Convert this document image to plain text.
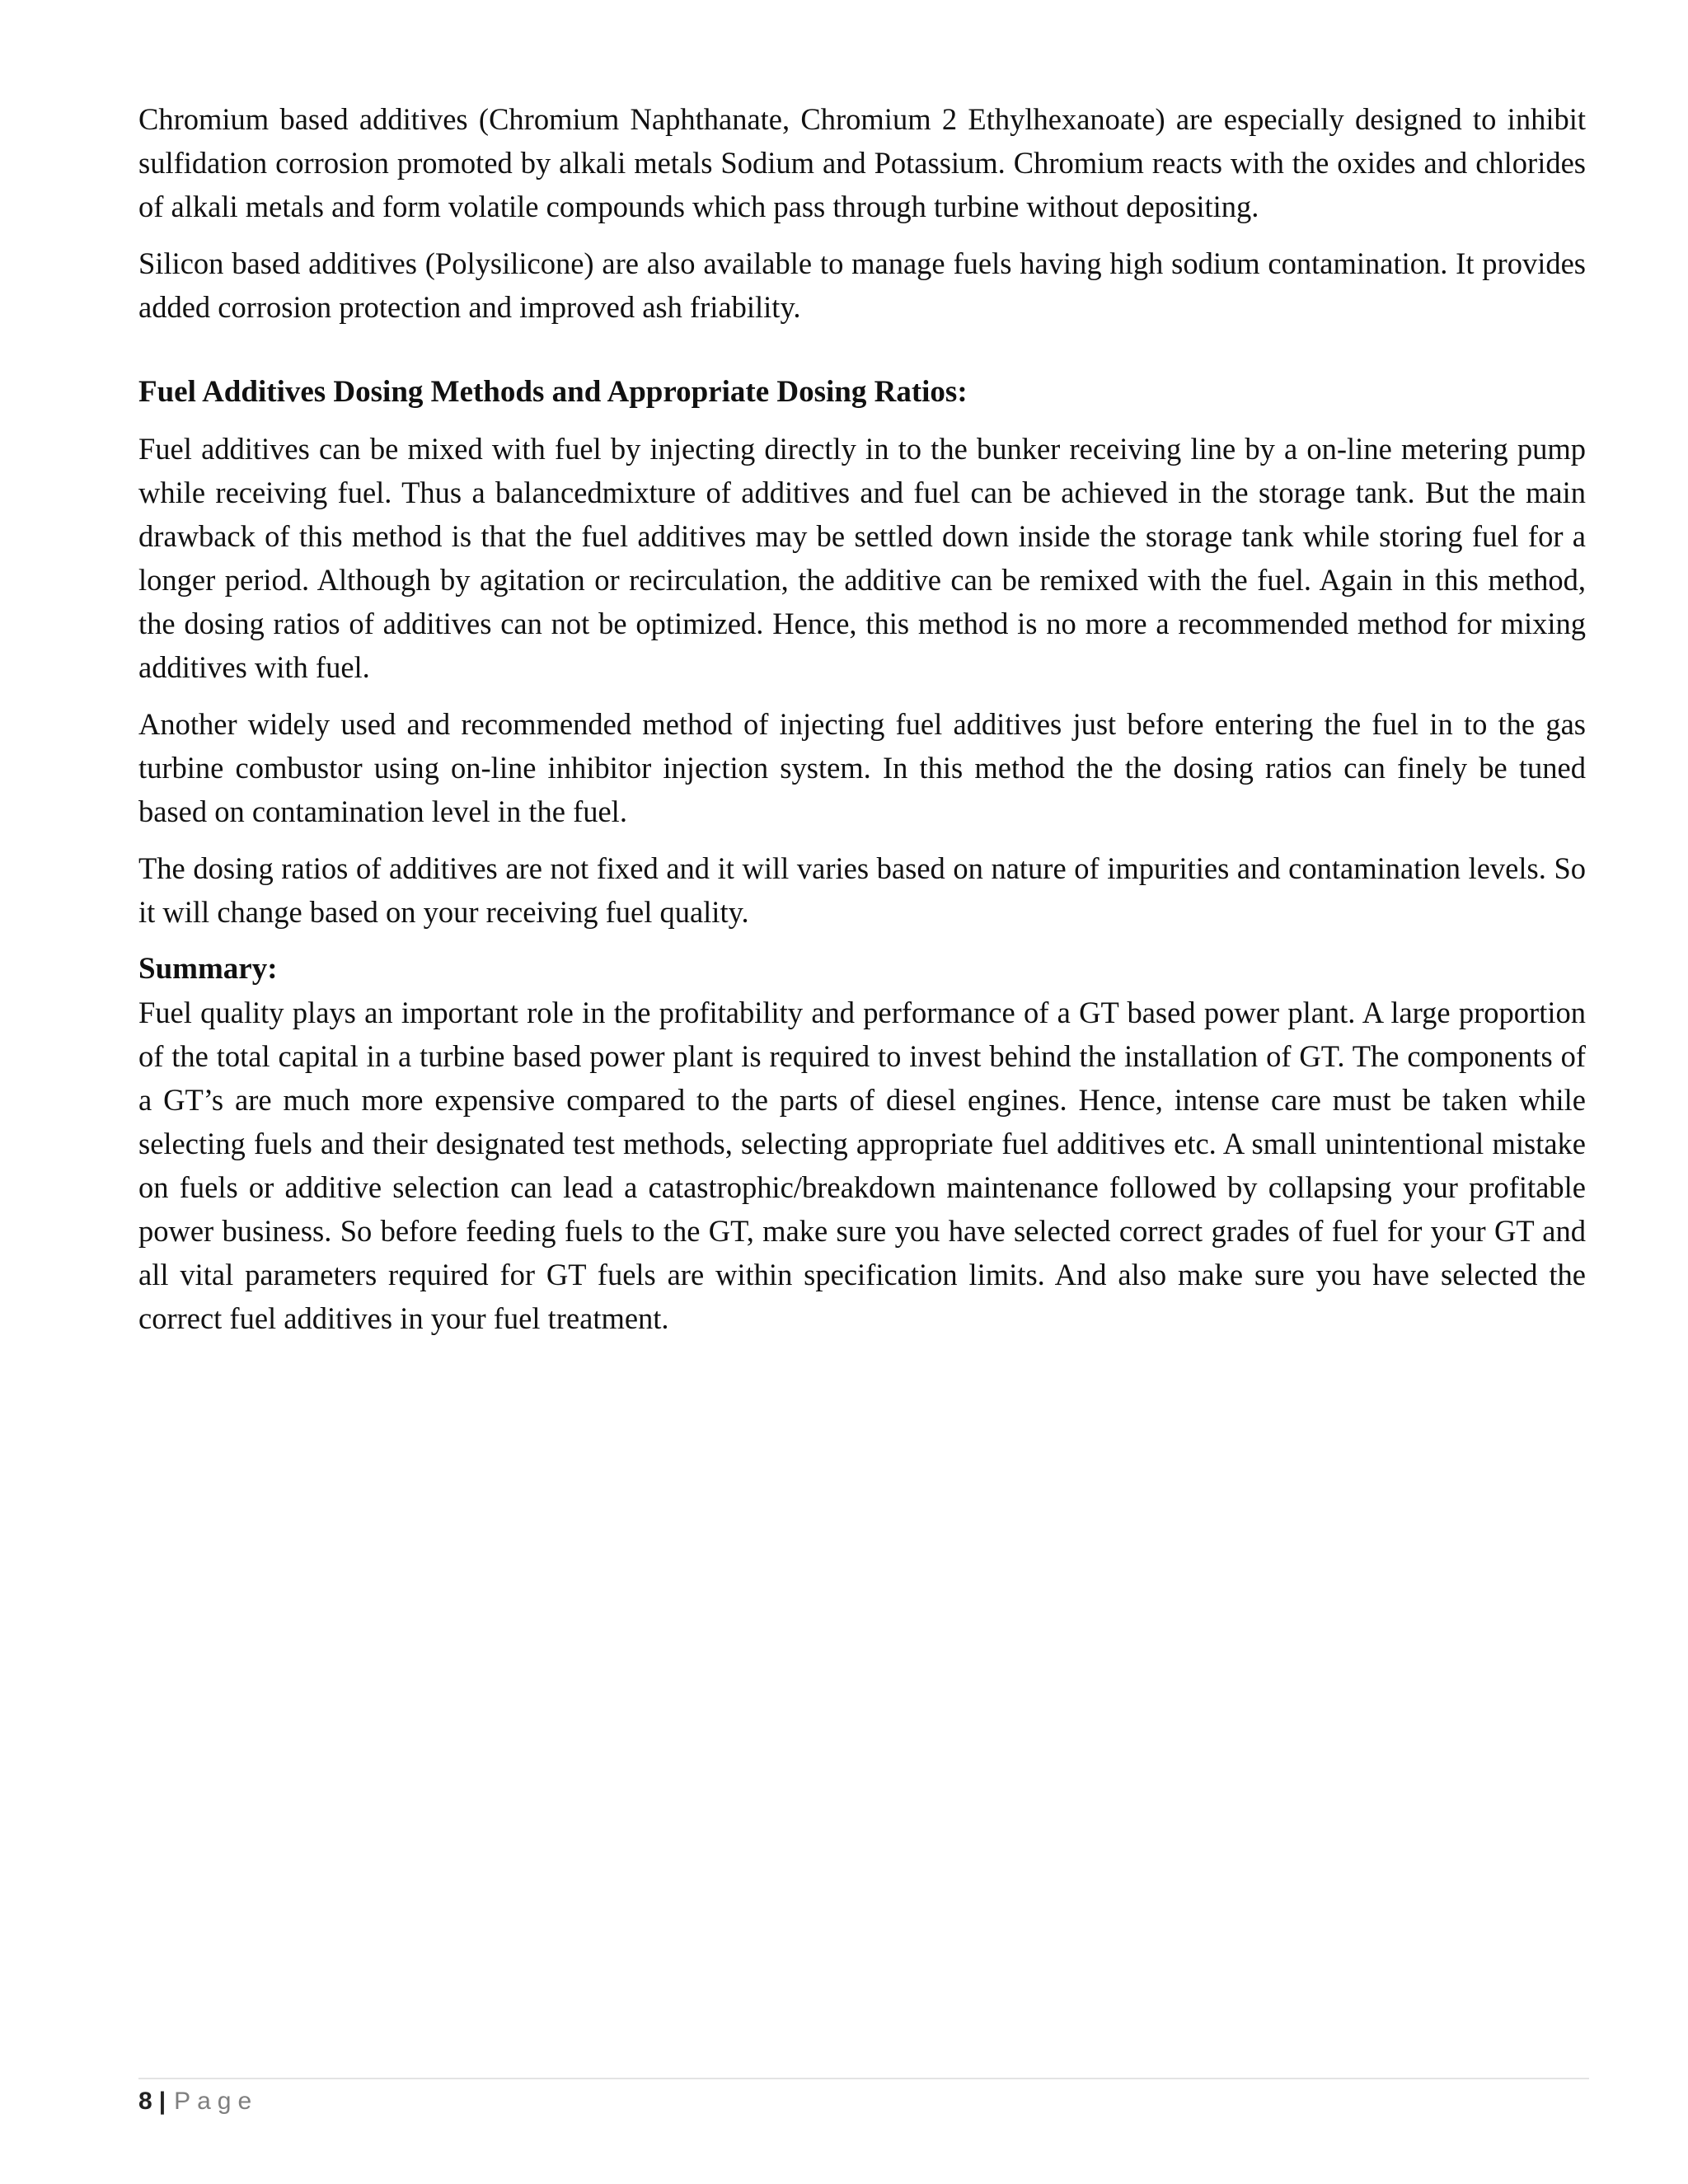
Chromium based additives (Chromium Naphthanate, Chromium 2 Ethylhexanoate) are especially designed to inhibit sulfidation corrosion promoted by alkali metals Sodium and Potassium. Chromium reacts with the oxides and chlorides of alkali metals and form volatile compounds which pass through turbine without depositing.

Silicon based additives (Polysilicone) are also available to manage fuels having high sodium contamination. It provides added corrosion protection and improved ash friability.

Fuel Additives Dosing Methods and Appropriate Dosing Ratios:

Fuel additives can be mixed with fuel by injecting directly in to the bunker receiving line by a on-line metering pump while receiving fuel. Thus a balancedmixture of additives and fuel can be achieved in the storage tank. But the main drawback of this method is that the fuel additives may be settled down inside the storage tank while storing fuel for a longer period. Although by agitation or recirculation, the additive can be remixed with the fuel. Again in this method, the dosing ratios of additives can not be optimized. Hence, this method is no more a recommended method for mixing additives with fuel.

Another widely used and recommended method of injecting fuel additives just before entering the fuel in to the gas turbine combustor using on-line inhibitor injection system. In this method the the dosing ratios can finely be tuned based on contamination level in the fuel.

The dosing ratios of additives are not fixed and it will varies based on nature of impurities and contamination levels. So it will change based on your receiving fuel quality.

Summary:

Fuel quality plays an important role in the profitability and performance of a GT based power plant. A large proportion of the total capital in a turbine based power plant is required to invest behind the installation of GT. The components of a GT’s are much more expensive compared to the parts of diesel engines. Hence, intense care must be taken while selecting fuels and their designated test methods, selecting appropriate fuel additives etc. A small unintentional mistake on fuels or additive selection can lead a catastrophic/breakdown maintenance followed by collapsing your profitable power business. So before feeding fuels to the GT, make sure you have selected correct grades of fuel for your GT and all vital parameters required for GT fuels are within specification limits. And also make sure you have selected the correct fuel additives in your fuel treatment.

8 | Page
